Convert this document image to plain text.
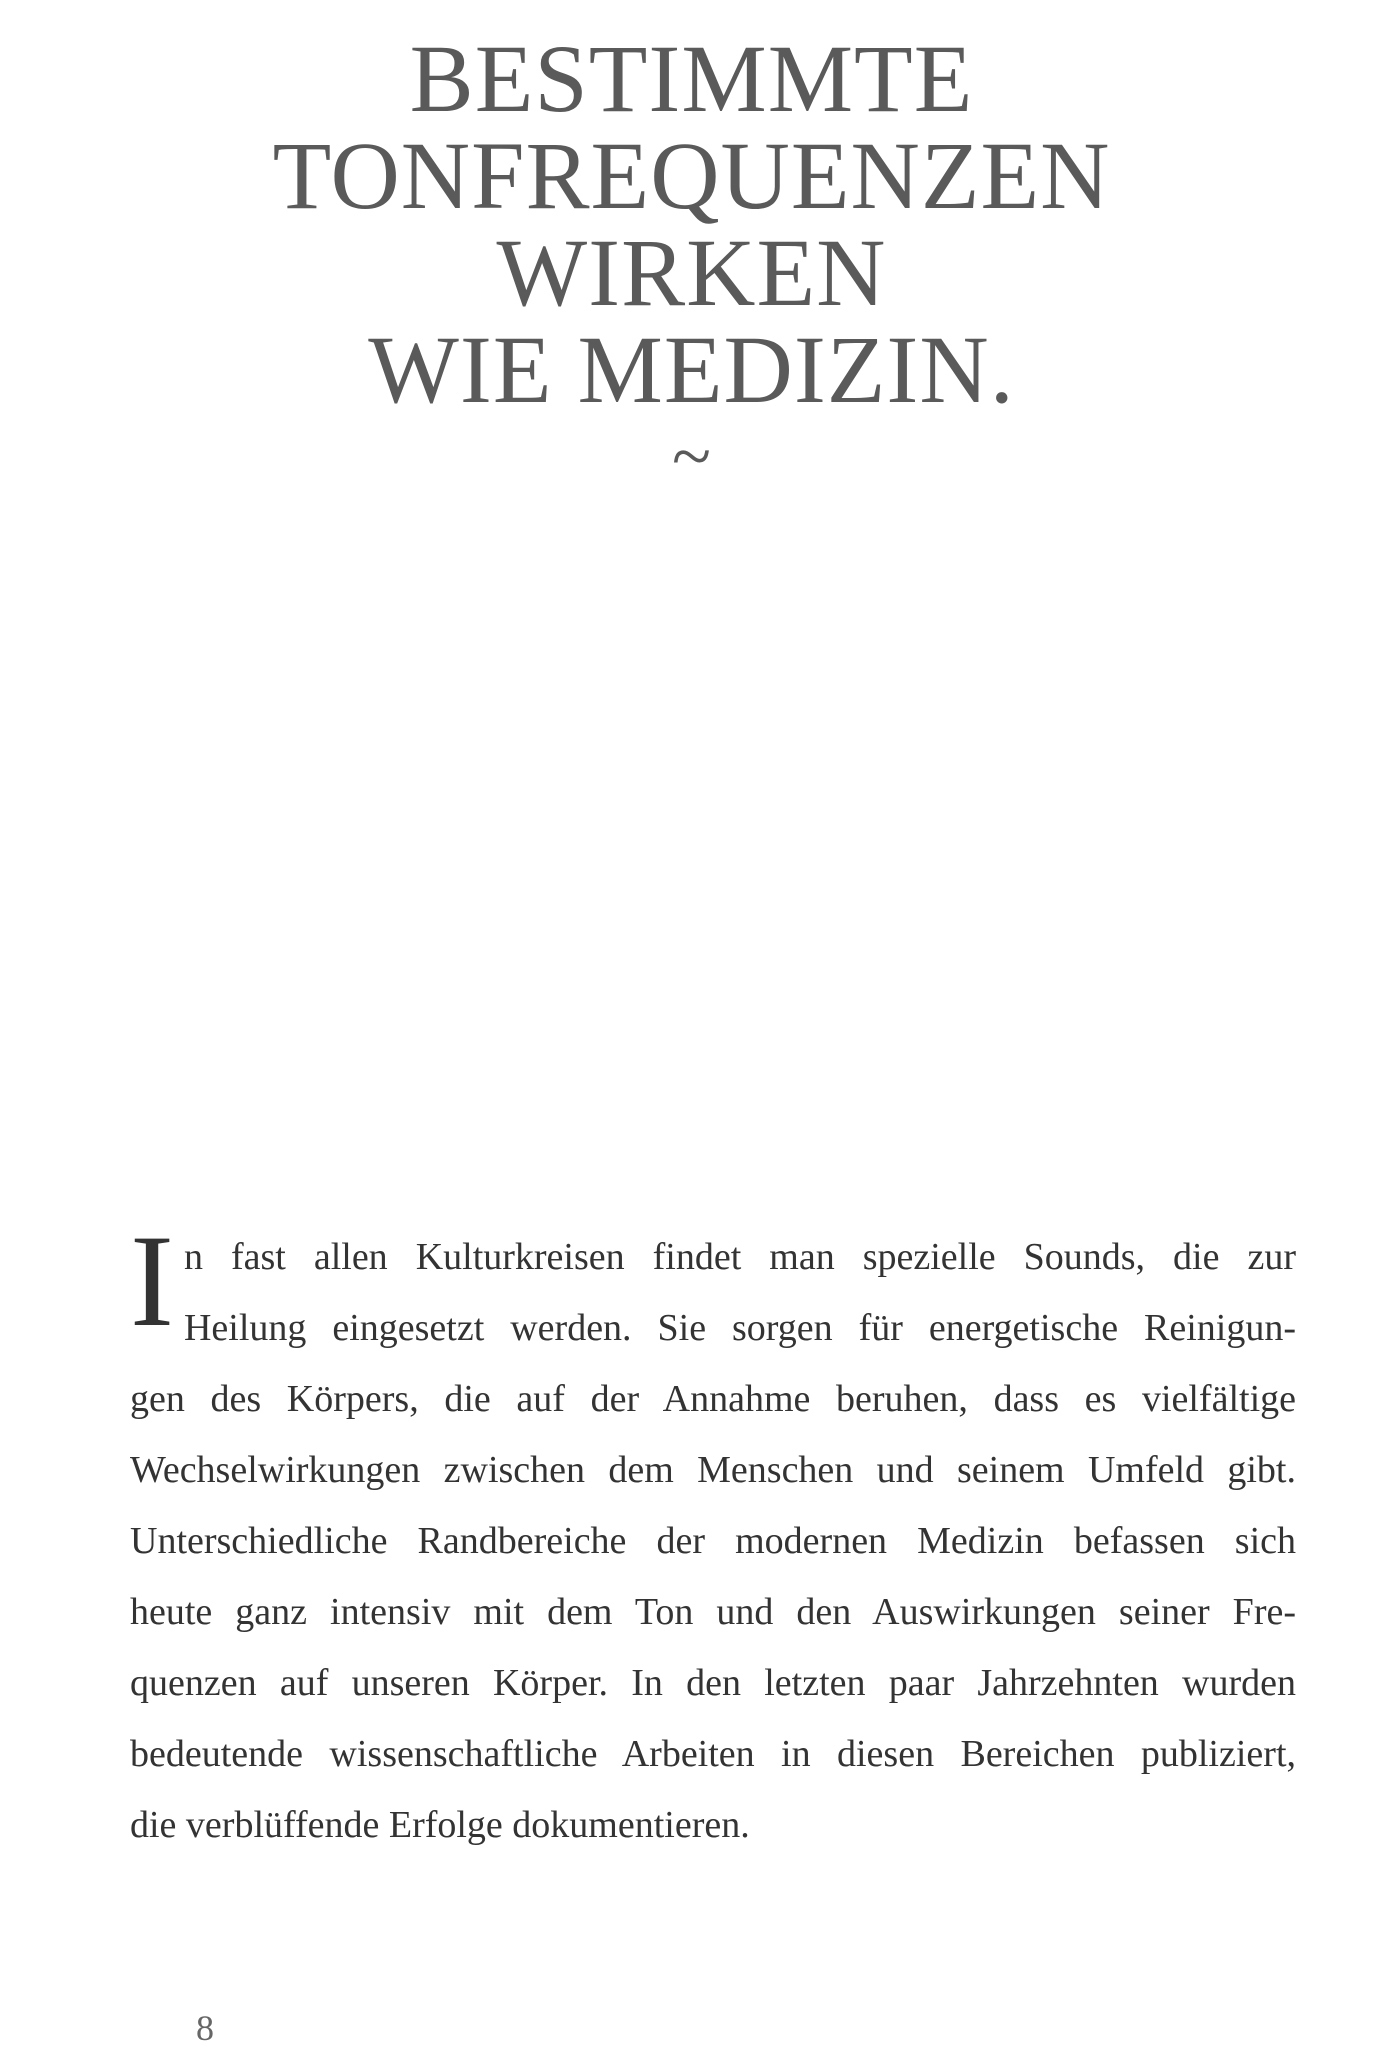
BESTIMMTE
TONFREQUENZEN
WIRKEN
WIE MEDIZIN.
~
I n fast allen Kulturkreisen findet man spezielle Sounds, die zur
Heilung eingesetzt werden. Sie sorgen für energetische Reinigun-
gen des Körpers, die auf der Annahme beruhen, dass es vielfältige
Wechselwirkungen zwischen dem Menschen und seinem Umfeld gibt.
Unterschiedliche Randbereiche der modernen Medizin befassen sich
heute ganz intensiv mit dem Ton und den Auswirkungen seiner Fre-
quenzen auf unseren Körper. In den letzten paar Jahrzehnten wurden
bedeutende wissenschaftliche Arbeiten in diesen Bereichen publiziert,
die verblüffende Erfolge dokumentieren.
8
